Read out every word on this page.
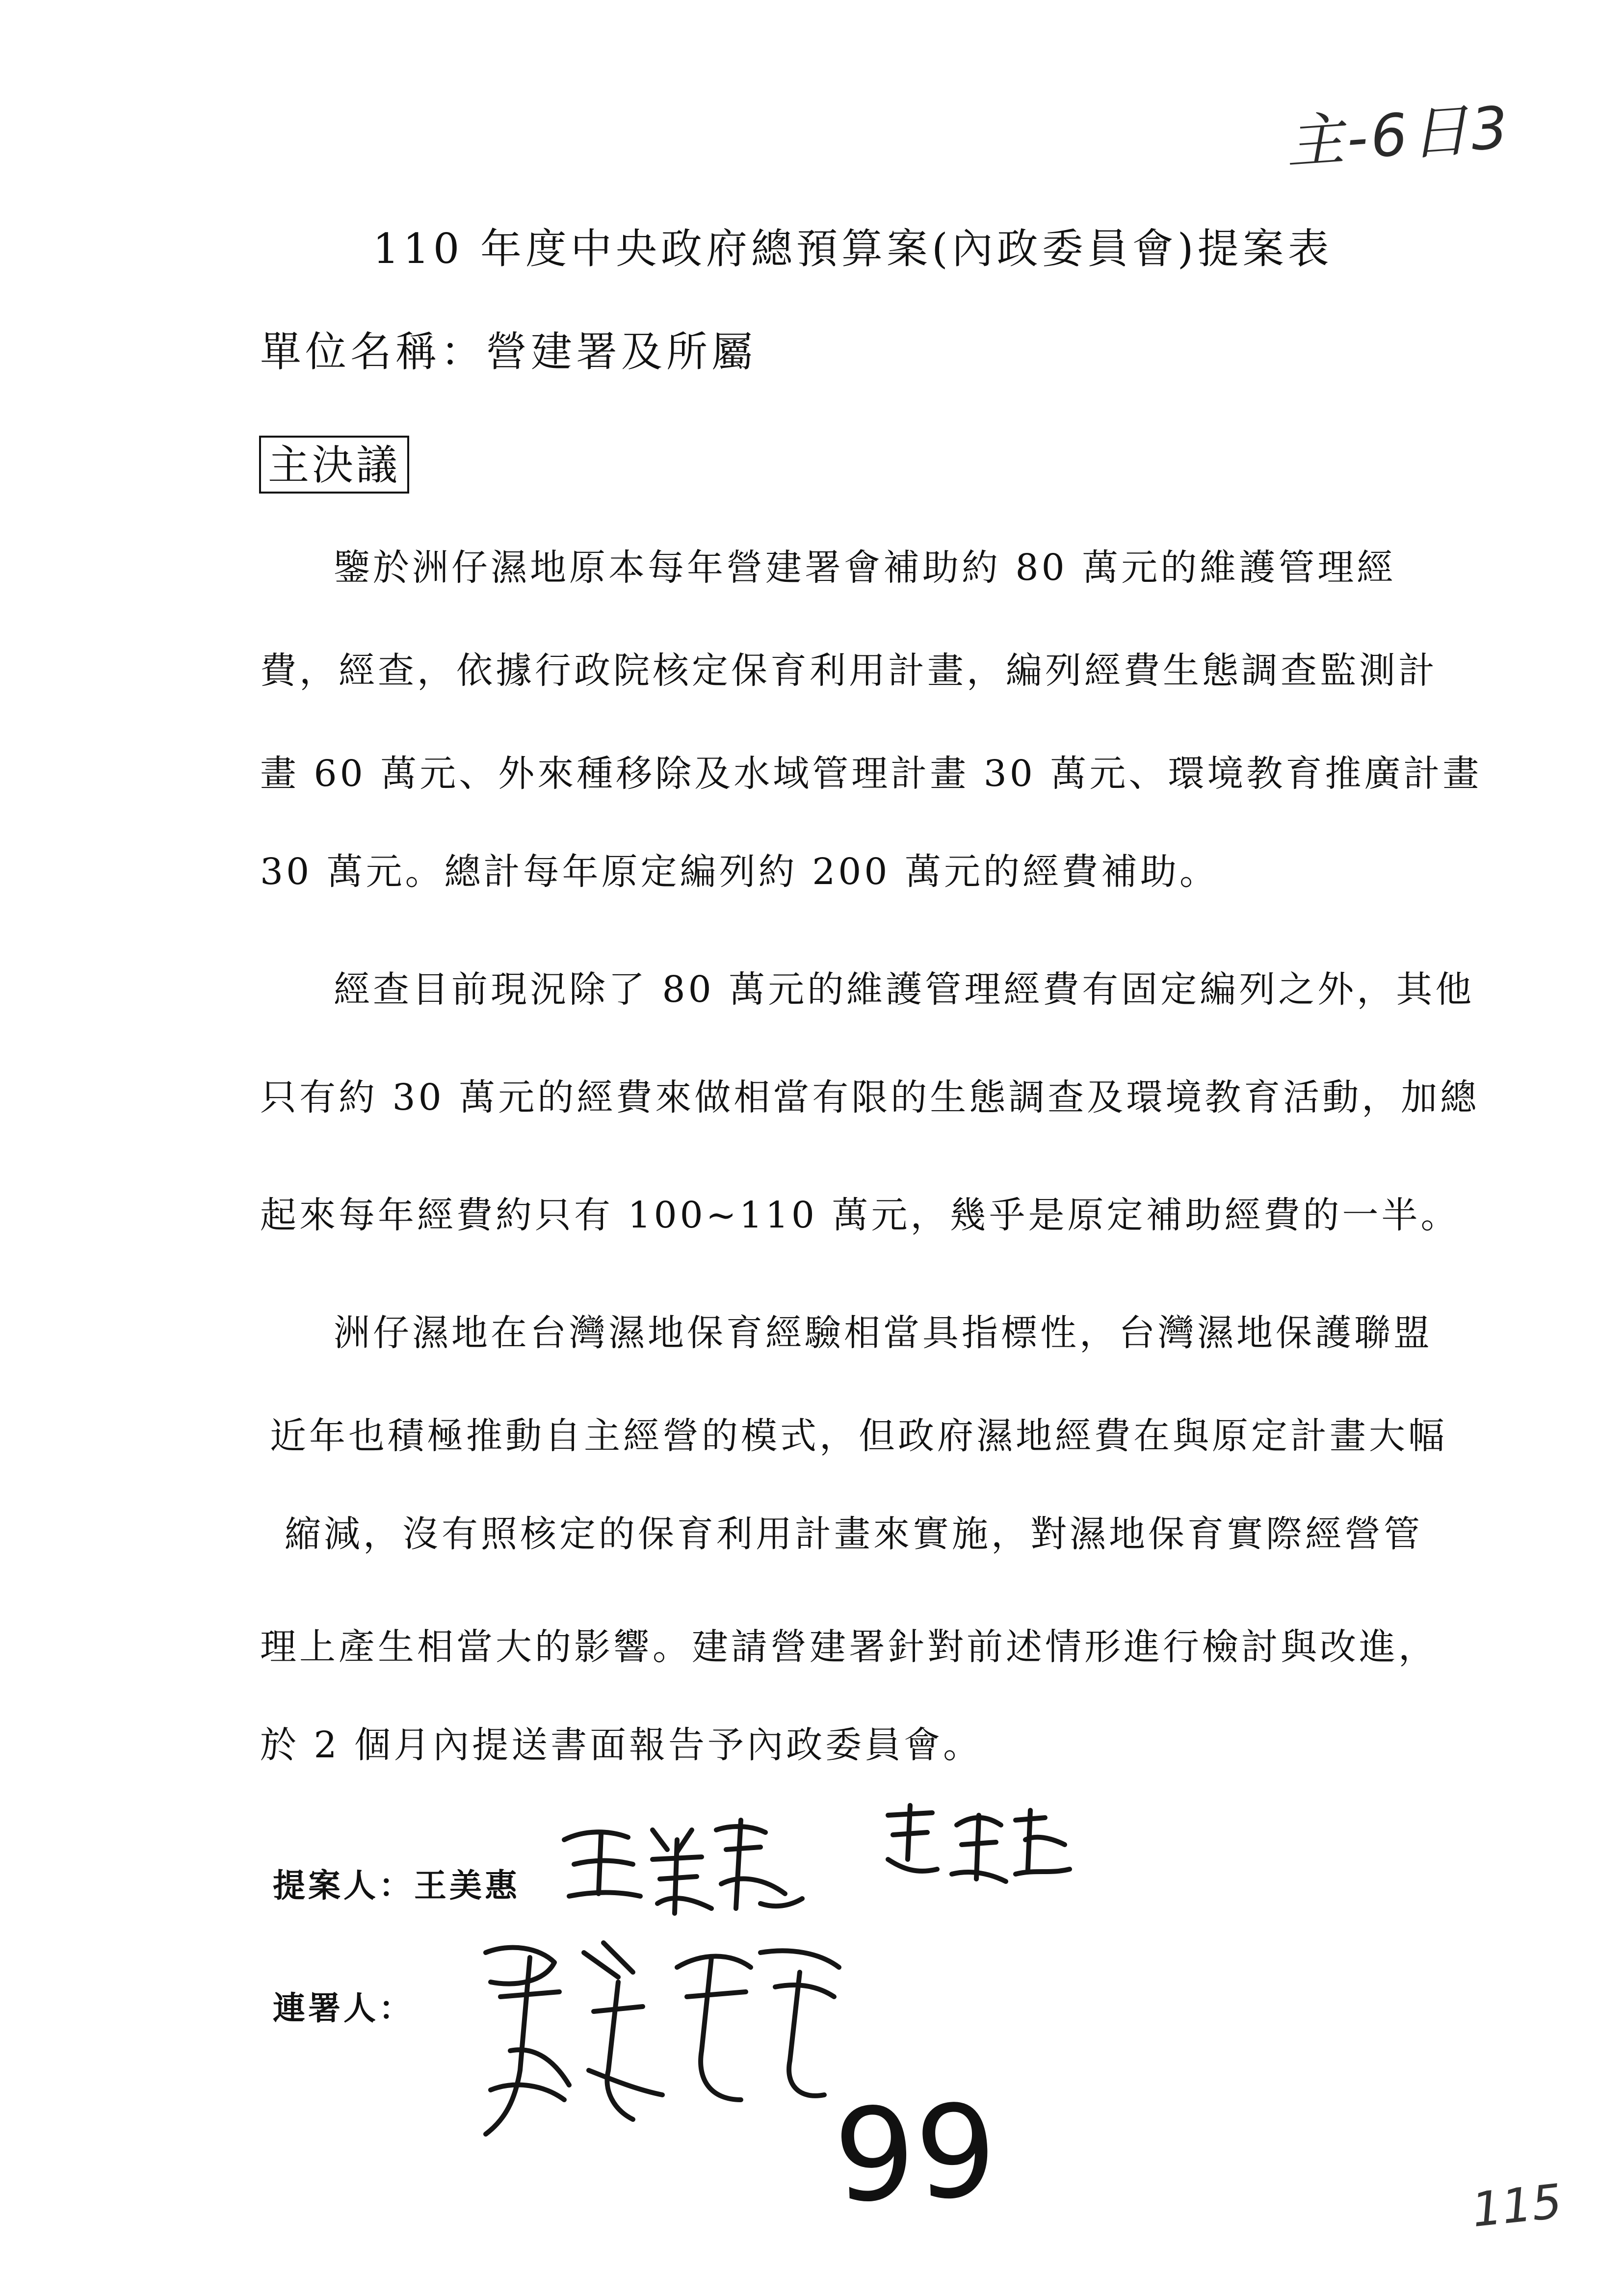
主-6日3
110 年度中央政府總預算案(內政委員會)提案表
單位名稱：營建署及所屬
主決議
鑒於洲仔濕地原本每年營建署會補助約 80 萬元的維護管理經
費，經查，依據行政院核定保育利用計畫，編列經費生態調查監測計
畫 60 萬元、外來種移除及水域管理計畫 30 萬元、環境教育推廣計畫
30 萬元。總計每年原定編列約 200 萬元的經費補助。
經查目前現況除了 80 萬元的維護管理經費有固定編列之外，其他
只有約 30 萬元的經費來做相當有限的生態調查及環境教育活動，加總
起來每年經費約只有 100~110 萬元，幾乎是原定補助經費的一半。
洲仔濕地在台灣濕地保育經驗相當具指標性，台灣濕地保護聯盟
近年也積極推動自主經營的模式，但政府濕地經費在與原定計畫大幅
縮減，沒有照核定的保育利用計畫來實施，對濕地保育實際經營管
理上產生相當大的影響。建請營建署針對前述情形進行檢討與改進，
於 2 個月內提送書面報告予內政委員會。
提案人：王美惠
連署人：
99	115
